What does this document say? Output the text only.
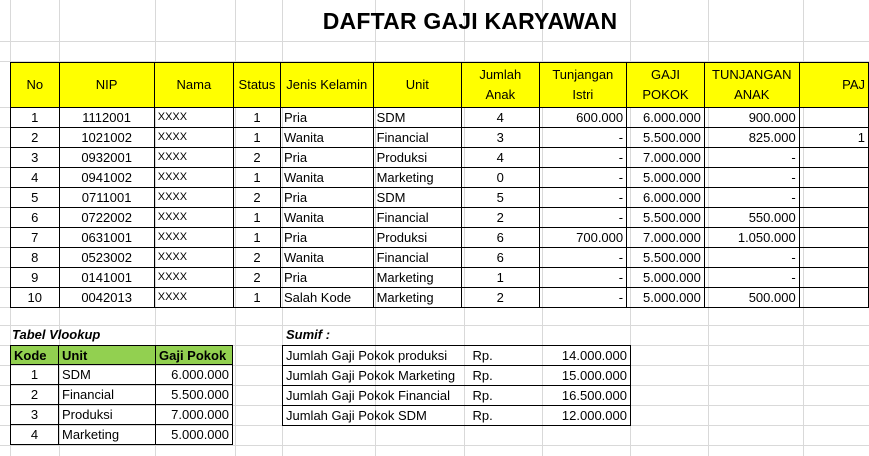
DAFTAR GAJI KARYAWAN
No	NIP	Nama	Status	Jenis Kelamin	Unit	Jumlah Anak	Tunjangan Istri	GAJI POKOK	TUNJANGAN ANAK	PAJ
1	1112001	XXXX	1	Pria	SDM	4	600.000	6.000.000	900.000	
2	1021002	XXXX	1	Wanita	Financial	3	-	5.500.000	825.000	1
3	0932001	XXXX	2	Pria	Produksi	4	-	7.000.000	-	
4	0941002	XXXX	1	Wanita	Marketing	0	-	5.000.000	-	
5	0711001	XXXX	2	Pria	SDM	5	-	6.000.000	-	
6	0722002	XXXX	1	Wanita	Financial	2	-	5.500.000	550.000	
7	0631001	XXXX	1	Pria	Produksi	6	700.000	7.000.000	1.050.000	
8	0523002	XXXX	2	Wanita	Financial	6	-	5.500.000	-	
9	0141001	XXXX	2	Pria	Marketing	1	-	5.000.000	-	
10	0042013	XXXX	1	Salah Kode	Marketing	2	-	5.000.000	500.000	
Tabel Vlookup
Kode	Unit	Gaji Pokok
1	SDM	6.000.000
2	Financial	5.500.000
3	Produksi	7.000.000
4	Marketing	5.000.000
Sumif :
Jumlah Gaji Pokok produksi	Rp.	14.000.000
Jumlah Gaji Pokok Marketing	Rp.	15.000.000
Jumlah Gaji Pokok Financial	Rp.	16.500.000
Jumlah Gaji Pokok SDM	Rp.	12.000.000
